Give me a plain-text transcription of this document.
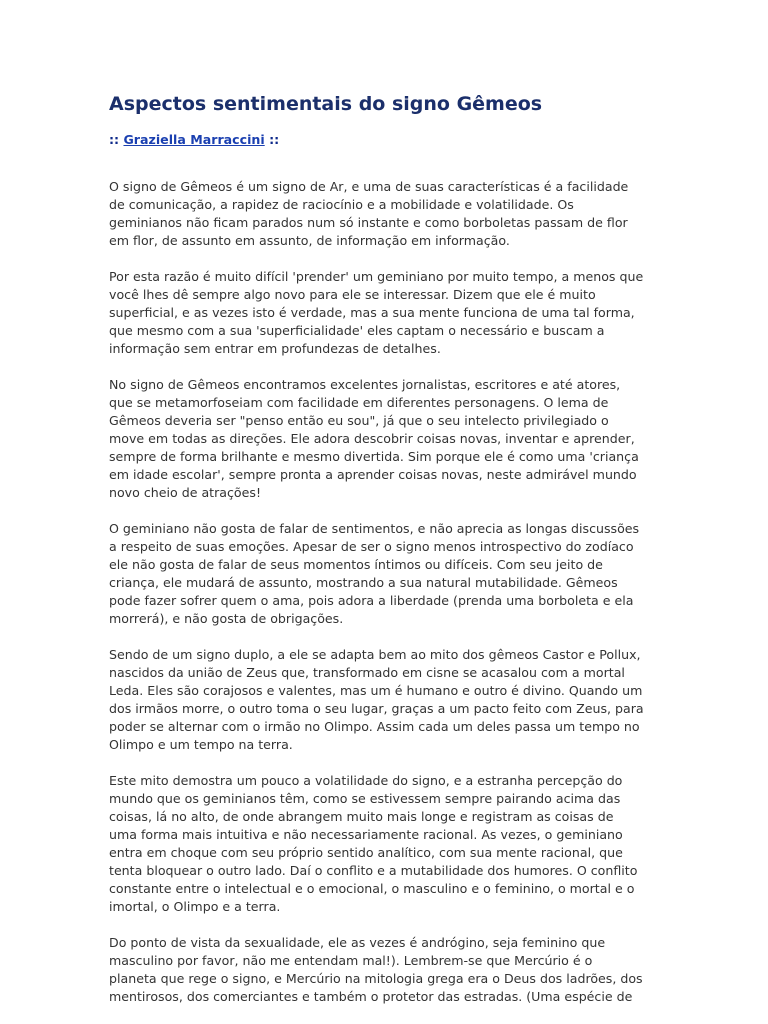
Aspectos sentimentais do signo Gêmeos
:: Graziella Marraccini ::

O signo de Gêmeos é um signo de Ar, e uma de suas características é a facilidade
de comunicação, a rapidez de raciocínio e a mobilidade e volatilidade. Os
geminianos não ficam parados num só instante e como borboletas passam de flor
em flor, de assunto em assunto, de informação em informação.

Por esta razão é muito difícil 'prender' um geminiano por muito tempo, a menos que
você lhes dê sempre algo novo para ele se interessar. Dizem que ele é muito
superficial, e as vezes isto é verdade, mas a sua mente funciona de uma tal forma,
que mesmo com a sua 'superficialidade' eles captam o necessário e buscam a
informação sem entrar em profundezas de detalhes.

No signo de Gêmeos encontramos excelentes jornalistas, escritores e até atores,
que se metamorfoseiam com facilidade em diferentes personagens. O lema de
Gêmeos deveria ser "penso então eu sou", já que o seu intelecto privilegiado o
move em todas as direções. Ele adora descobrir coisas novas, inventar e aprender,
sempre de forma brilhante e mesmo divertida. Sim porque ele é como uma 'criança
em idade escolar', sempre pronta a aprender coisas novas, neste admirável mundo
novo cheio de atrações!

O geminiano não gosta de falar de sentimentos, e não aprecia as longas discussões
a respeito de suas emoções. Apesar de ser o signo menos introspectivo do zodíaco
ele não gosta de falar de seus momentos íntimos ou difíceis. Com seu jeito de
criança, ele mudará de assunto, mostrando a sua natural mutabilidade. Gêmeos
pode fazer sofrer quem o ama, pois adora a liberdade (prenda uma borboleta e ela
morrerá), e não gosta de obrigações.

Sendo de um signo duplo, a ele se adapta bem ao mito dos gêmeos Castor e Pollux,
nascidos da união de Zeus que, transformado em cisne se acasalou com a mortal
Leda. Eles são corajosos e valentes, mas um é humano e outro é divino. Quando um
dos irmãos morre, o outro toma o seu lugar, graças a um pacto feito com Zeus, para
poder se alternar com o irmão no Olimpo. Assim cada um deles passa um tempo no
Olimpo e um tempo na terra.

Este mito demostra um pouco a volatilidade do signo, e a estranha percepção do
mundo que os geminianos têm, como se estivessem sempre pairando acima das
coisas, lá no alto, de onde abrangem muito mais longe e registram as coisas de
uma forma mais intuitiva e não necessariamente racional. As vezes, o geminiano
entra em choque com seu próprio sentido analítico, com sua mente racional, que
tenta bloquear o outro lado. Daí o conflito e a mutabilidade dos humores. O conflito
constante entre o intelectual e o emocional, o masculino e o feminino, o mortal e o
imortal, o Olimpo e a terra.

Do ponto de vista da sexualidade, ele as vezes é andrógino, seja feminino que
masculino por favor, não me entendam mal!). Lembrem-se que Mercúrio é o
planeta que rege o signo, e Mercúrio na mitologia grega era o Deus dos ladrões, dos
mentirosos, dos comerciantes e também o protetor das estradas. (Uma espécie de
